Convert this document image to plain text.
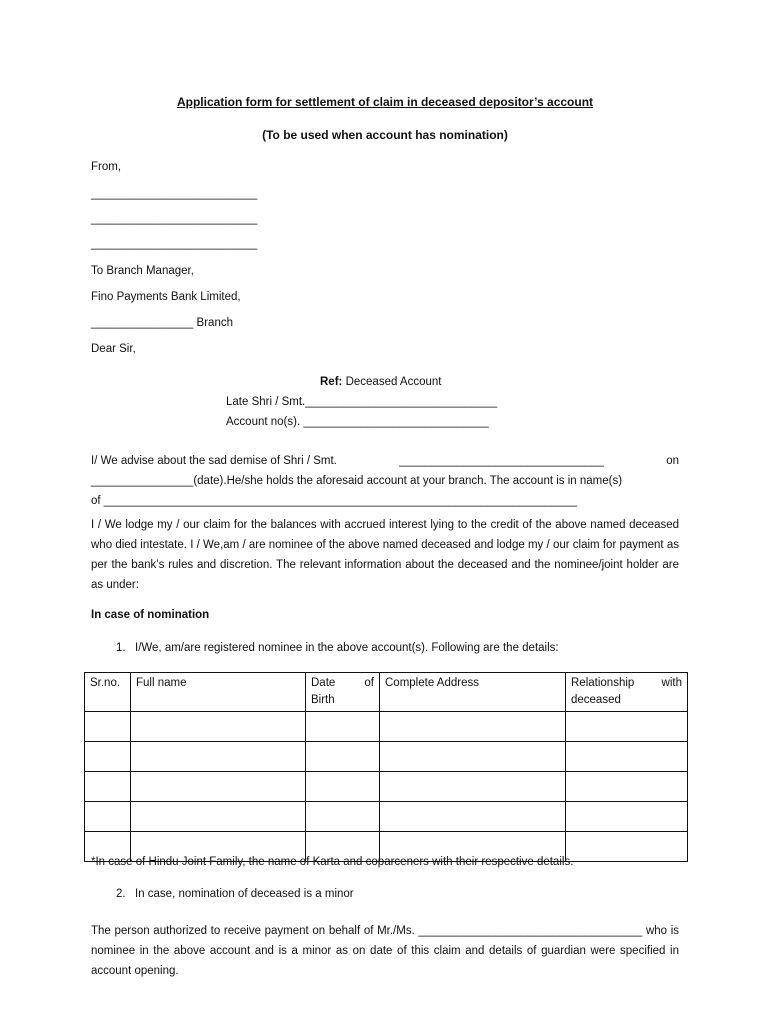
Application form for settlement of claim in deceased depositor’s account
(To be used when account has nomination)
From,
__________________________
__________________________
__________________________
To Branch Manager,
Fino Payments Bank Limited,
________________ Branch
Dear Sir,
Ref: Deceased Account
Late Shri / Smt.______________________________
Account no(s). _____________________________
I/ We advise about the sad demise of Shri / Smt.	________________________________	on
________________(date).He/she holds the aforesaid account at your branch. The account is in name(s)
of __________________________________________________________________________
I / We lodge my / our claim for the balances with accrued interest lying to the credit of the above named deceased who died intestate. I / We,am / are nominee of the above named deceased and lodge my / our claim for payment as per the bank’s rules and discretion. The relevant information about the deceased and the nominee/joint holder are as under:
In case of nomination
1. I/We, am/are registered nominee in the above account(s). Following are the details:
Sr.no.	Full name	Date of Birth	Complete Address	Relationship with deceased

*In case of Hindu Joint Family, the name of Karta and coparceners with their respective details.
2. In case, nomination of deceased is a minor
The person authorized to receive payment on behalf of Mr./Ms. ___________________________________ who is nominee in the above account and is a minor as on date of this claim and details of guardian were specified in account opening.
